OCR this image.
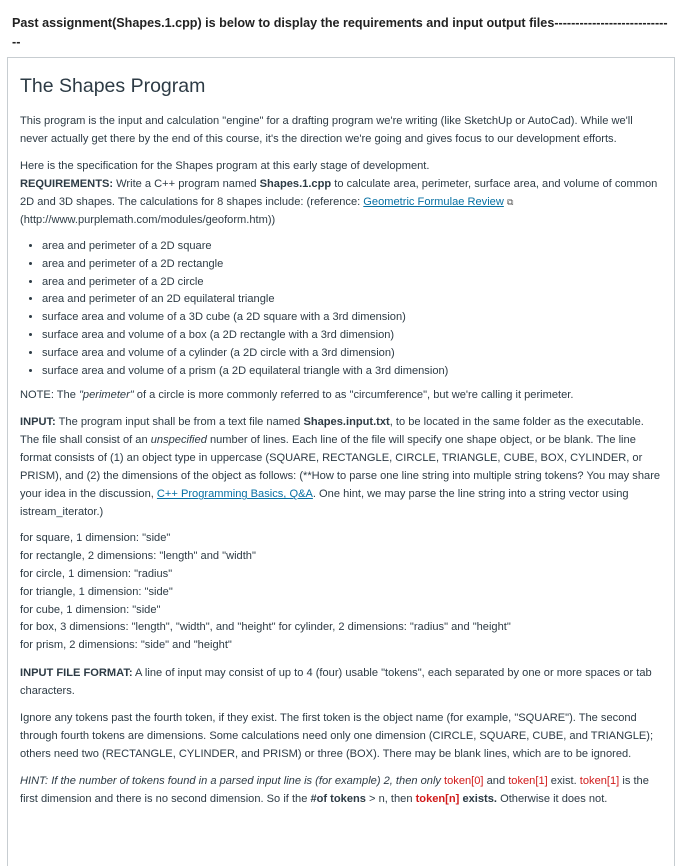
Past assignment(Shapes.1.cpp) is below to display the requirements and input output files-----------------------------
The Shapes Program

This program is the input and calculation "engine" for a drafting program we're writing (like SketchUp or AutoCad). While we'll never actually get there by the end of this course, it's the direction we're going and gives focus to our development efforts.

Here is the specification for the Shapes program at this early stage of development.

REQUIREMENTS: Write a C++ program named Shapes.1.cpp to calculate area, perimeter, surface area, and volume of common 2D and 3D shapes. The calculations for 8 shapes include: (reference: Geometric Formulae Review ⧉ (http://www.purplemath.com/modules/geoform.htm))

• area and perimeter of a 2D square
• area and perimeter of a 2D rectangle
• area and perimeter of a 2D circle
• area and perimeter of an 2D equilateral triangle
• surface area and volume of a 3D cube (a 2D square with a 3rd dimension)
• surface area and volume of a box (a 2D rectangle with a 3rd dimension)
• surface area and volume of a cylinder (a 2D circle with a 3rd dimension)
• surface area and volume of a prism (a 2D equilateral triangle with a 3rd dimension)

NOTE: The "perimeter" of a circle is more commonly referred to as "circumference", but we're calling it perimeter.

INPUT: The program input shall be from a text file named Shapes.input.txt, to be located in the same folder as the executable. The file shall consist of an unspecified number of lines. Each line of the file will specify one shape object, or be blank. The line format consists of (1) an object type in uppercase (SQUARE, RECTANGLE, CIRCLE, TRIANGLE, CUBE, BOX, CYLINDER, or PRISM), and (2) the dimensions of the object as follows: (**How to parse one line string into multiple string tokens? You may share your idea in the discussion, C++ Programming Basics, Q&A. One hint, we may parse the line string into a string vector using istream_iterator.)

for square, 1 dimension: "side"
for rectangle, 2 dimensions: "length" and "width"
for circle, 1 dimension: "radius"
for triangle, 1 dimension: "side"
for cube, 1 dimension: "side"
for box, 3 dimensions: "length", "width", and "height" for cylinder, 2 dimensions: "radius" and "height"
for prism, 2 dimensions: "side" and "height"

INPUT FILE FORMAT: A line of input may consist of up to 4 (four) usable "tokens", each separated by one or more spaces or tab characters.

Ignore any tokens past the fourth token, if they exist. The first token is the object name (for example, "SQUARE"). The second through fourth tokens are dimensions. Some calculations need only one dimension (CIRCLE, SQUARE, CUBE, and TRIANGLE); others need two (RECTANGLE, CYLINDER, and PRISM) or three (BOX). There may be blank lines, which are to be ignored.

HINT: If the number of tokens found in a parsed input line is (for example) 2, then only token[0] and token[1] exist. token[1] is the first dimension and there is no second dimension. So if the #of tokens > n, then token[n] exists. Otherwise it does not.
